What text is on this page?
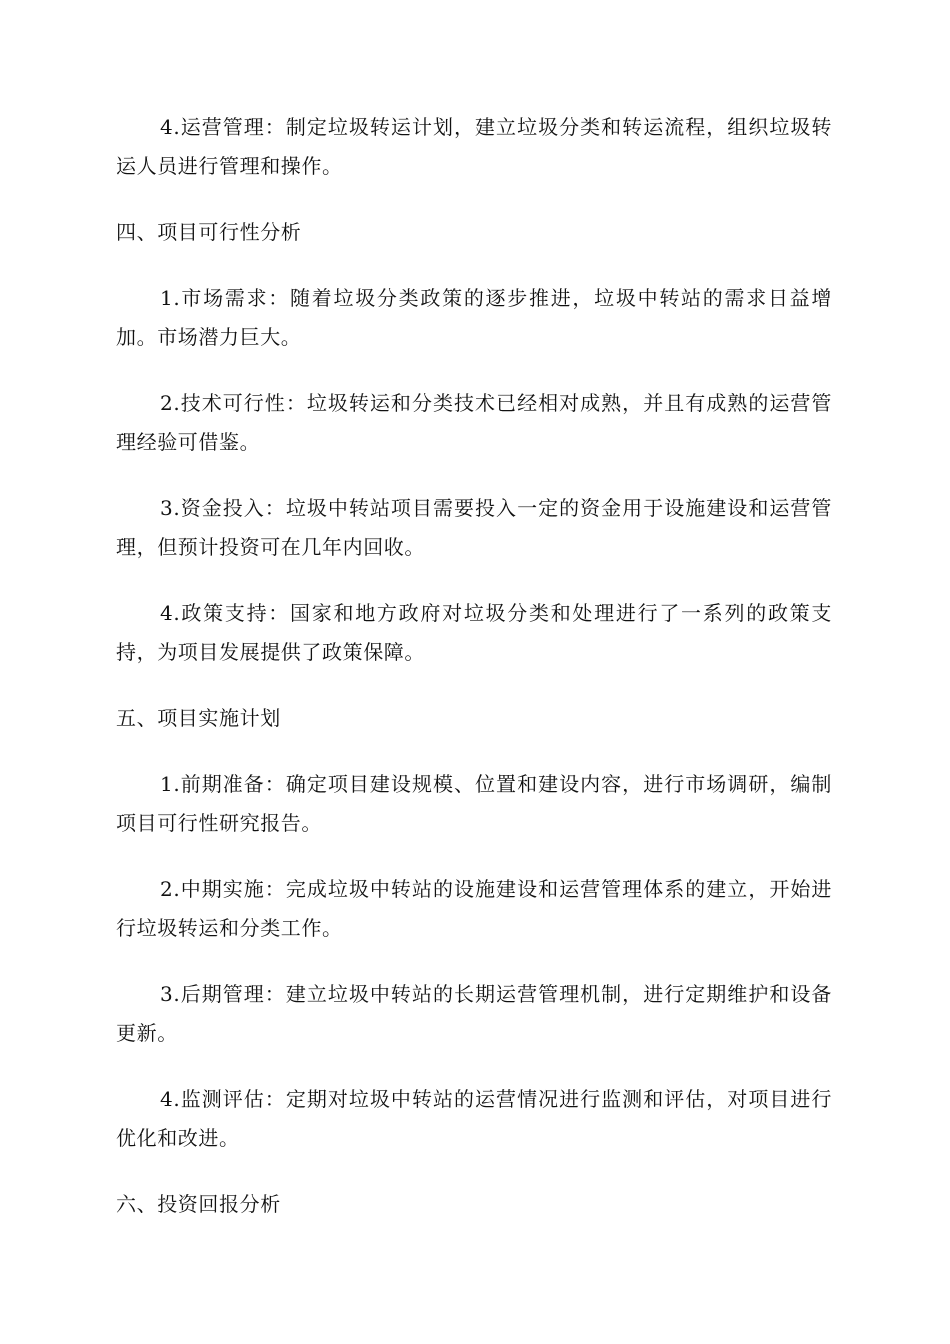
4.运营管理：制定垃圾转运计划，建立垃圾分类和转运流程，组织垃圾转运人员进行管理和操作。

四、项目可行性分析

1.市场需求：随着垃圾分类政策的逐步推进，垃圾中转站的需求日益增加。市场潜力巨大。

2.技术可行性：垃圾转运和分类技术已经相对成熟，并且有成熟的运营管理经验可借鉴。

3.资金投入：垃圾中转站项目需要投入一定的资金用于设施建设和运营管理，但预计投资可在几年内回收。

4.政策支持：国家和地方政府对垃圾分类和处理进行了一系列的政策支持，为项目发展提供了政策保障。

五、项目实施计划

1.前期准备：确定项目建设规模、位置和建设内容，进行市场调研，编制项目可行性研究报告。

2.中期实施：完成垃圾中转站的设施建设和运营管理体系的建立，开始进行垃圾转运和分类工作。

3.后期管理：建立垃圾中转站的长期运营管理机制，进行定期维护和设备更新。

4.监测评估：定期对垃圾中转站的运营情况进行监测和评估，对项目进行优化和改进。

六、投资回报分析
